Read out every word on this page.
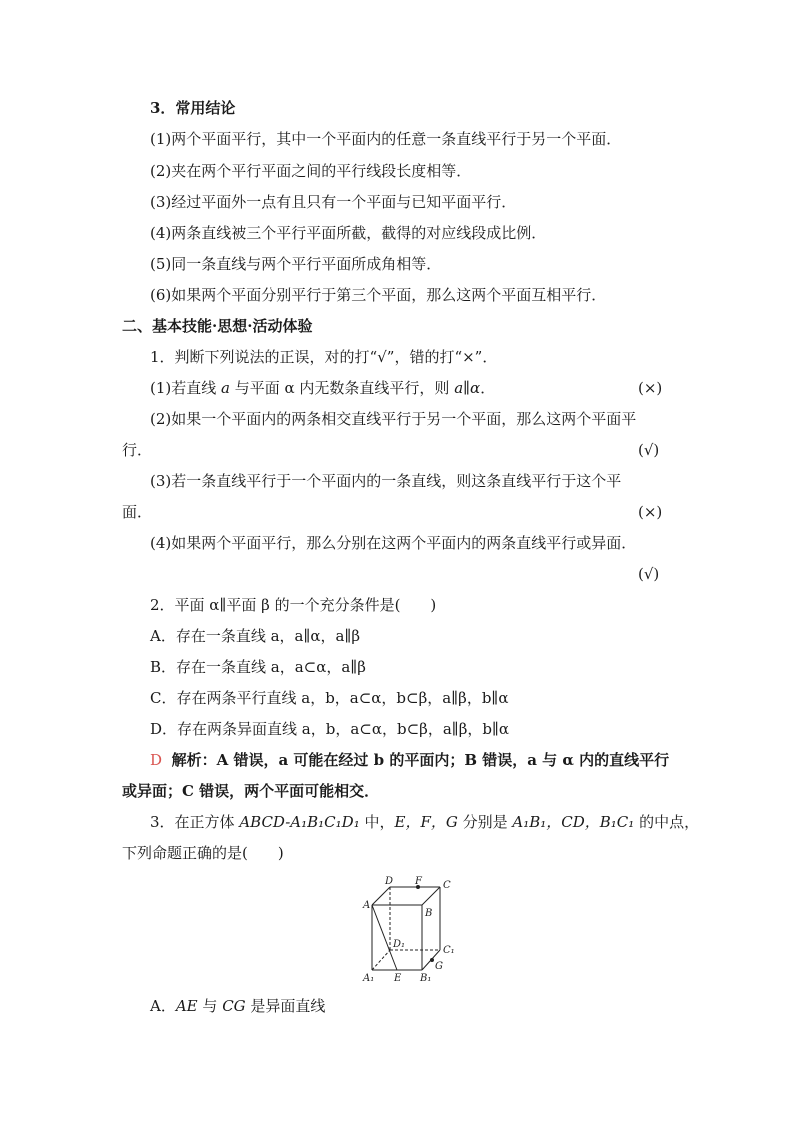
3．常用结论
(1)两个平面平行，其中一个平面内的任意一条直线平行于另一个平面．
(2)夹在两个平行平面之间的平行线段长度相等．
(3)经过平面外一点有且只有一个平面与已知平面平行．
(4)两条直线被三个平行平面所截，截得的对应线段成比例．
(5)同一条直线与两个平行平面所成角相等．
(6)如果两个平面分别平行于第三个平面，那么这两个平面互相平行．
二、基本技能·思想·活动体验
1．判断下列说法的正误，对的打“√”，错的打“×”．
(1)若直线 a 与平面 α 内无数条直线平行，则 a∥α．	(×)
(2)如果一个平面内的两条相交直线平行于另一个平面，那么这两个平面平
行．	(√)
(3)若一条直线平行于一个平面内的一条直线，则这条直线平行于这个平
面．	(×)
(4)如果两个平面平行，那么分别在这两个平面内的两条直线平行或异面．
(√)
2．平面 α∥平面 β 的一个充分条件是(　　)
A．存在一条直线 a，a∥α，a∥β
B．存在一条直线 a，a⊂α，a∥β
C．存在两条平行直线 a，b，a⊂α，b⊂β，a∥β，b∥α
D．存在两条异面直线 a，b，a⊂α，b⊂β，a∥β，b∥α
D 解析：A 错误，a 可能在经过 b 的平面内；B 错误，a 与 α 内的直线平行
或异面；C 错误，两个平面可能相交．
3．在正方体 ABCD-A₁B₁C₁D₁ 中，E，F，G 分别是 A₁B₁，CD，B₁C₁ 的中点，
下列命题正确的是(　　)
D F C
A
B
D₁
C₁
G
A₁ E B₁
A．AE 与 CG 是异面直线
